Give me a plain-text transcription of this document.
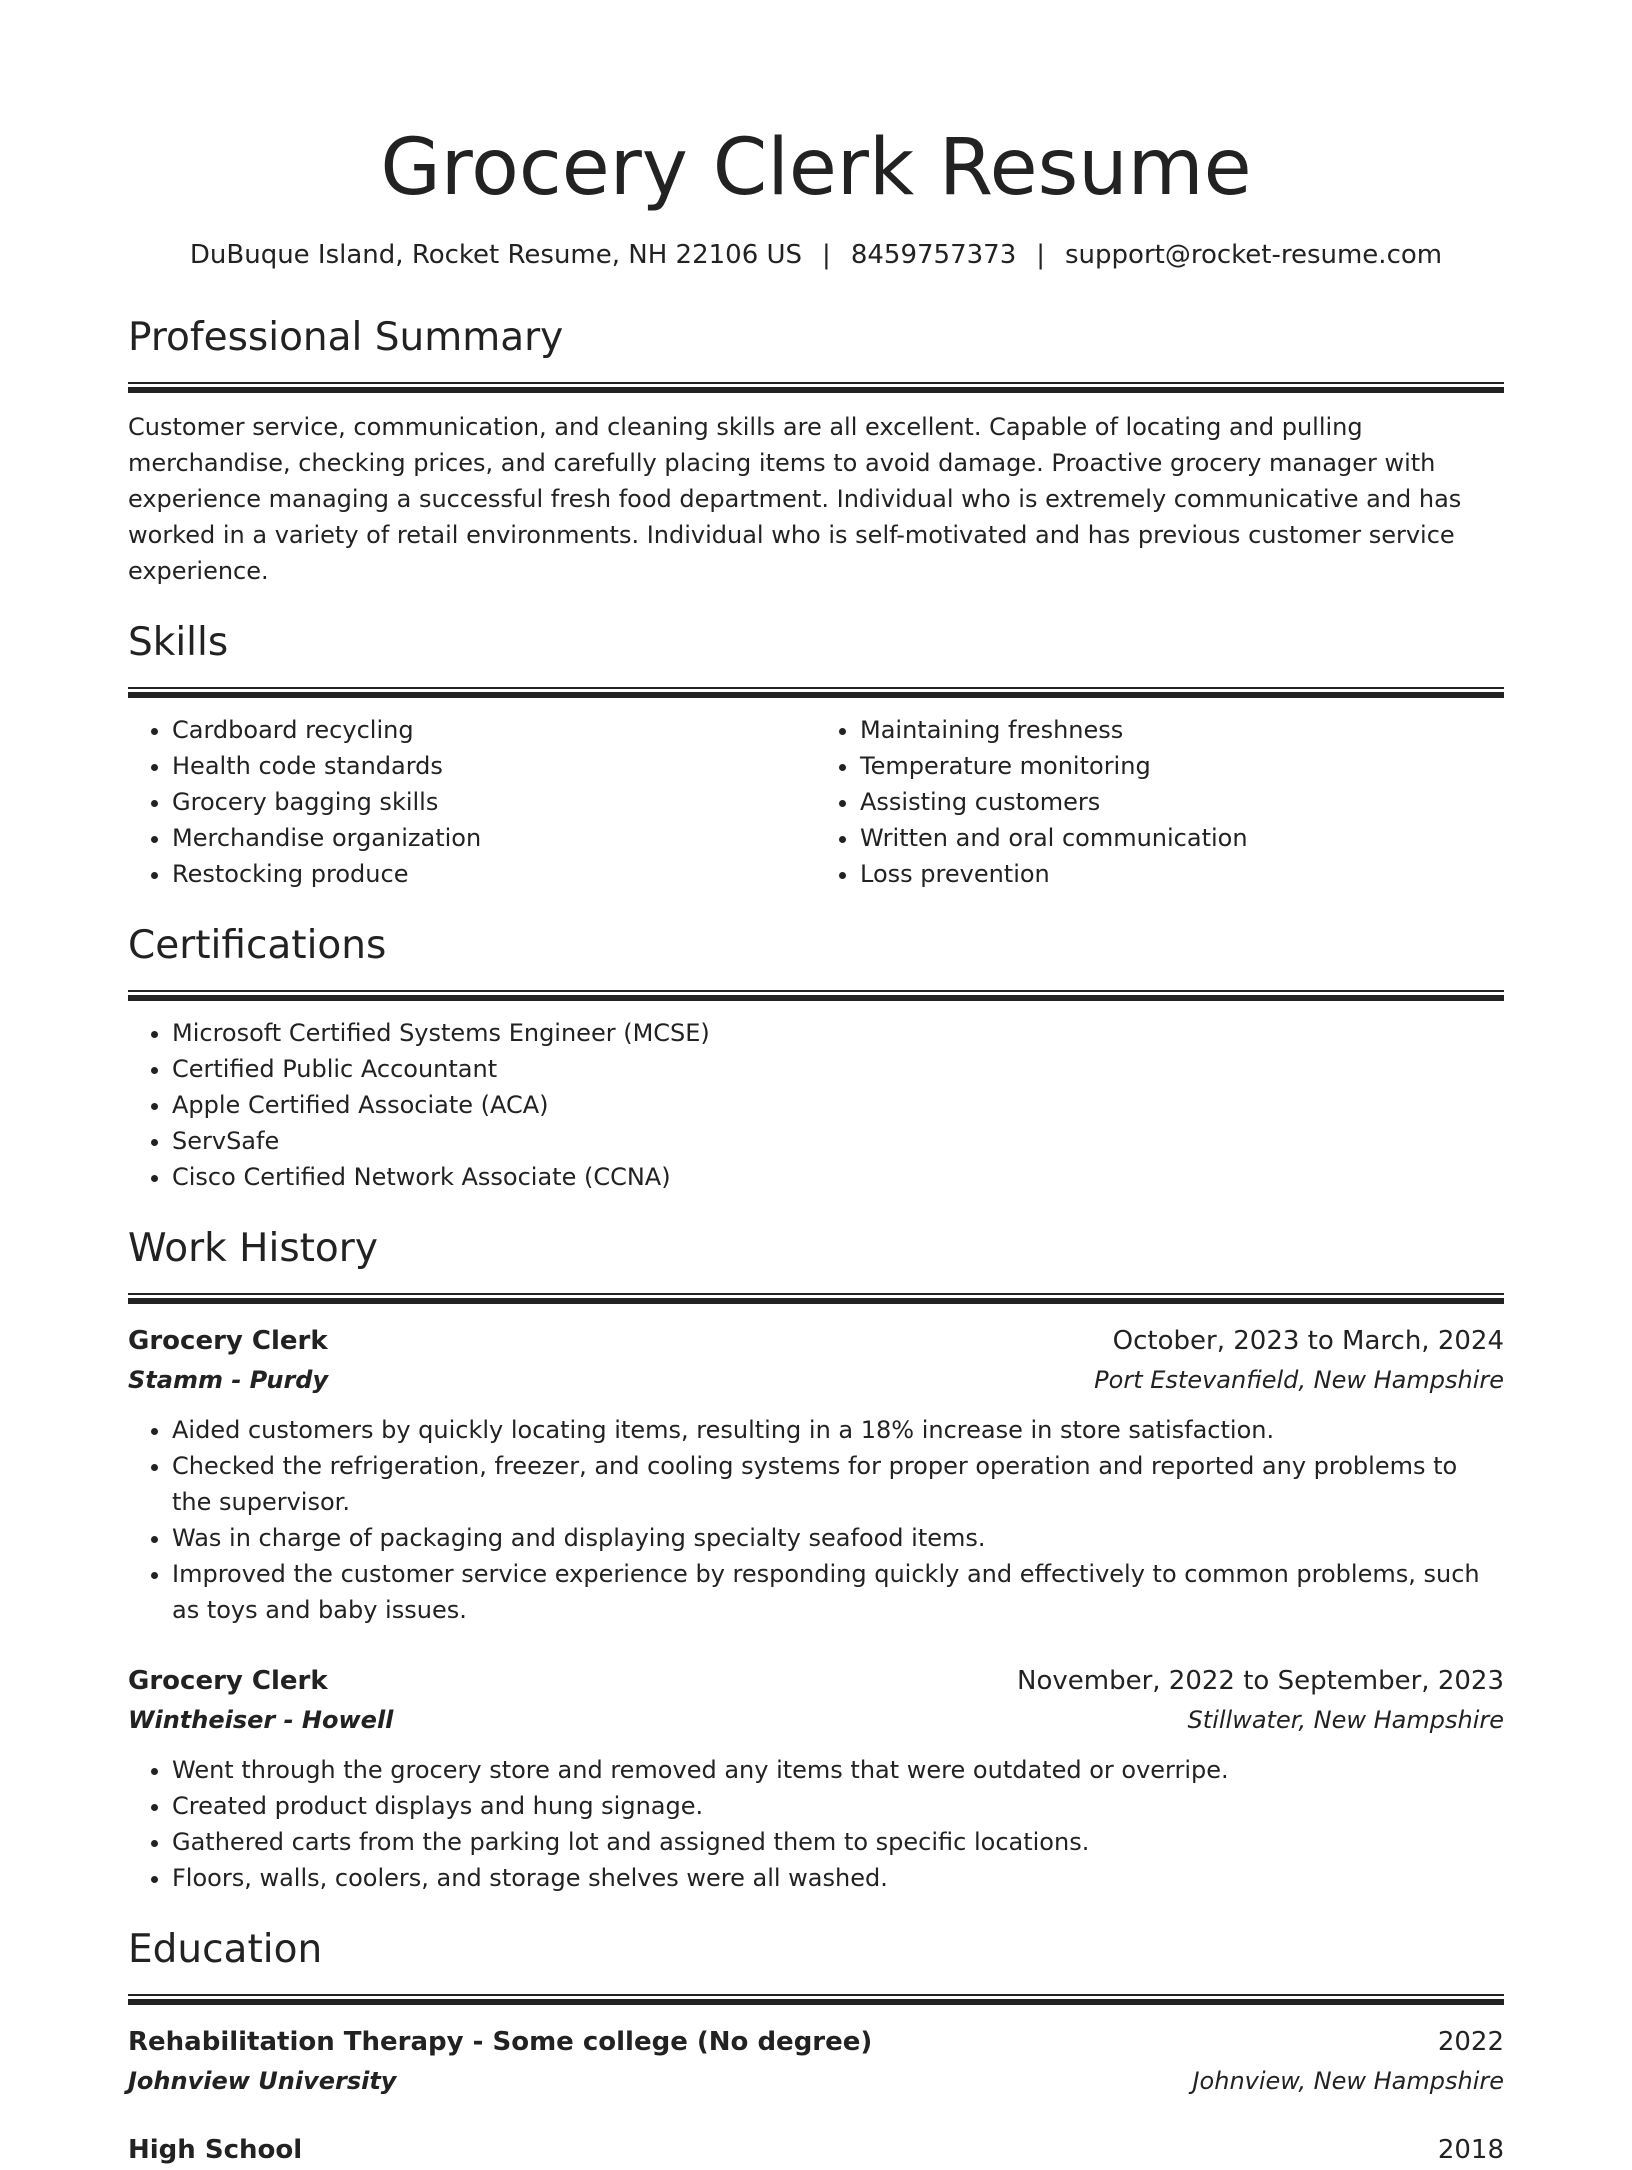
Grocery Clerk Resume
DuBuque Island, Rocket Resume, NH 22106 US | 8459757373 | support@rocket-resume.com
Professional Summary

Customer service, communication, and cleaning skills are all excellent. Capable of locating and pulling merchandise, checking prices, and carefully placing items to avoid damage. Proactive grocery manager with experience managing a successful fresh food department. Individual who is extremely communicative and has worked in a variety of retail environments. Individual who is self-motivated and has previous customer service experience.

Skills
• Cardboard recycling
• Health code standards
• Grocery bagging skills
• Merchandise organization
• Restocking produce
• Maintaining freshness
• Temperature monitoring
• Assisting customers
• Written and oral communication
• Loss prevention
Certifications
• Microsoft Certified Systems Engineer (MCSE)
• Certified Public Accountant
• Apple Certified Associate (ACA)
• ServSafe
• Cisco Certified Network Associate (CCNA)
Work History
Grocery Clerk	October, 2023 to March, 2024
Stamm - Purdy	Port Estevanfield, New Hampshire
• Aided customers by quickly locating items, resulting in a 18% increase in store satisfaction.
• Checked the refrigeration, freezer, and cooling systems for proper operation and reported any problems to the supervisor.
• Was in charge of packaging and displaying specialty seafood items.
• Improved the customer service experience by responding quickly and effectively to common problems, such as toys and baby issues.
Grocery Clerk	November, 2022 to September, 2023
Wintheiser - Howell	Stillwater, New Hampshire
• Went through the grocery store and removed any items that were outdated or overripe.
• Created product displays and hung signage.
• Gathered carts from the parking lot and assigned them to specific locations.
• Floors, walls, coolers, and storage shelves were all washed.
Education
Rehabilitation Therapy - Some college (No degree)	2022
Johnview University	Johnview, New Hampshire
High School	2018
